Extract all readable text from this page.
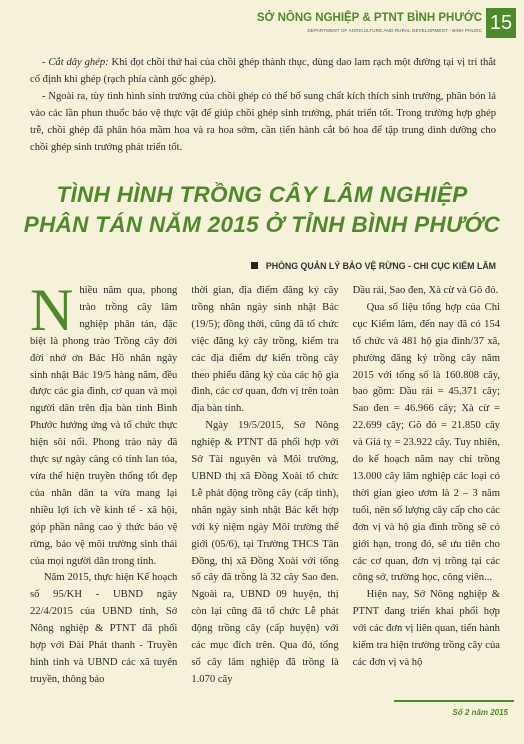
SỞ NÔNG NGHIỆP & PTNT BÌNH PHƯỚC
DEPARTMENT OF AGRICULTURE AND RURAL DEVELOPMENT - BINH PHUOC 15

- Cắt dây ghép: Khi đọt chồi thứ hai của chồi ghép thành thục, dùng dao lam rạch một đường tại vị trí thắt cổ định khi ghép (rạch phía cành gốc ghép).

- Ngoài ra, tùy tình hình sinh trưởng của chồi ghép có thể bổ sung chất kích thích sinh trưởng, phân bón lá vào các lần phun thuốc bảo vệ thực vật để giúp chồi ghép sinh trưởng, phát triển tốt. Trong trường hợp ghép trễ, chồi ghép đã phân hóa mầm hoa và ra hoa sớm, cần tiến hành cắt bỏ hoa để tập trung dinh dưỡng cho chồi ghép sinh trưởng phát triển tốt.

TÌNH HÌNH TRỒNG CÂY LÂM NGHIỆP
PHÂN TÁN NĂM 2015 Ở TỈNH BÌNH PHƯỚC
PHÒNG QUẢN LÝ BẢO VỆ RỪNG - CHI CỤC KIỂM LÂM

Nhiều năm qua, phong trào trồng cây lâm nghiệp phân tán, đặc biệt là phong trào Trồng cây đời đời nhớ ơn Bác Hồ nhân ngày sinh nhật Bác 19/5 hàng năm, đều được các gia đình, cơ quan và mọi người dân trên địa bàn tỉnh Bình Phước hưởng ứng và tổ chức thực hiện sôi nổi. Phong trào này đã thực sự ngày càng có tính lan tỏa, vừa thể hiện truyền thống tốt đẹp của nhân dân ta vừa mang lại nhiều lợi ích về kinh tế - xã hội, góp phần nâng cao ý thức bảo vệ rừng, bảo vệ môi trường sinh thái của mọi người dân trong tỉnh.

Năm 2015, thực hiện Kế hoạch số 95/KH - UBND ngày 22/4/2015 của UBND tỉnh, Sở Nông nghiệp & PTNT đã phối hợp với Đài Phát thanh - Truyền hình tỉnh và UBND các xã tuyên truyền, thông báo

thời gian, địa điểm đăng ký cây trồng nhân ngày sinh nhật Bác (19/5); đồng thời, cũng đã tổ chức việc đăng ký cây trồng, kiểm tra các địa điểm dự kiến trồng cây theo phiếu đăng ký của các hộ gia đình, các cơ quan, đơn vị trên toàn địa bàn tỉnh.

Ngày 19/5/2015, Sở Nông nghiệp & PTNT đã phối hợp với Sở Tài nguyên và Môi trường, UBND thị xã Đồng Xoài tổ chức Lễ phát động trồng cây (cấp tỉnh), nhân ngày sinh nhật Bác kết hợp với kỷ niệm ngày Môi trường thế giới (05/6), tại Trường THCS Tân Đồng, thị xã Đồng Xoài với tổng số cây đã trồng là 32 cây Sao đen. Ngoài ra, UBND 09 huyện, thị còn lại cũng đã tổ chức Lễ phát động trồng cây (cấp huyện) với các mục đích trên. Qua đó, tổng số cây lâm nghiệp đã trồng là 1.070 cây

Dầu rái, Sao đen, Xà cừ và Gõ đỏ.

Qua số liệu tổng hợp của Chi cục Kiểm lâm, đến nay đã có 154 tổ chức và 481 hộ gia đình/37 xã, phường đăng ký trồng cây năm 2015 với tổng số là 160.808 cây, bao gồm: Dầu rái = 45.371 cây; Sao đen = 46.966 cây; Xà cừ = 22.699 cây; Gõ đỏ = 21.850 cây và Giá tỵ = 23.922 cây. Tuy nhiên, do kế hoạch năm nay chỉ trồng 13.000 cây lâm nghiệp các loại có thời gian gieo ươm là 2 – 3 năm tuổi, nên số lượng cây cấp cho các đơn vị và hộ gia đình trồng sẽ có giới hạn, trong đó, sẽ ưu tiên cho các cơ quan, đơn vị trồng tại các công sở, trường học, công viên...

Hiện nay, Sở Nông nghiệp & PTNT đang triển khai phối hợp với các đơn vị liên quan, tiến hành kiểm tra hiện trường trồng cây của các đơn vị và hộ

Số 2 năm 2015
